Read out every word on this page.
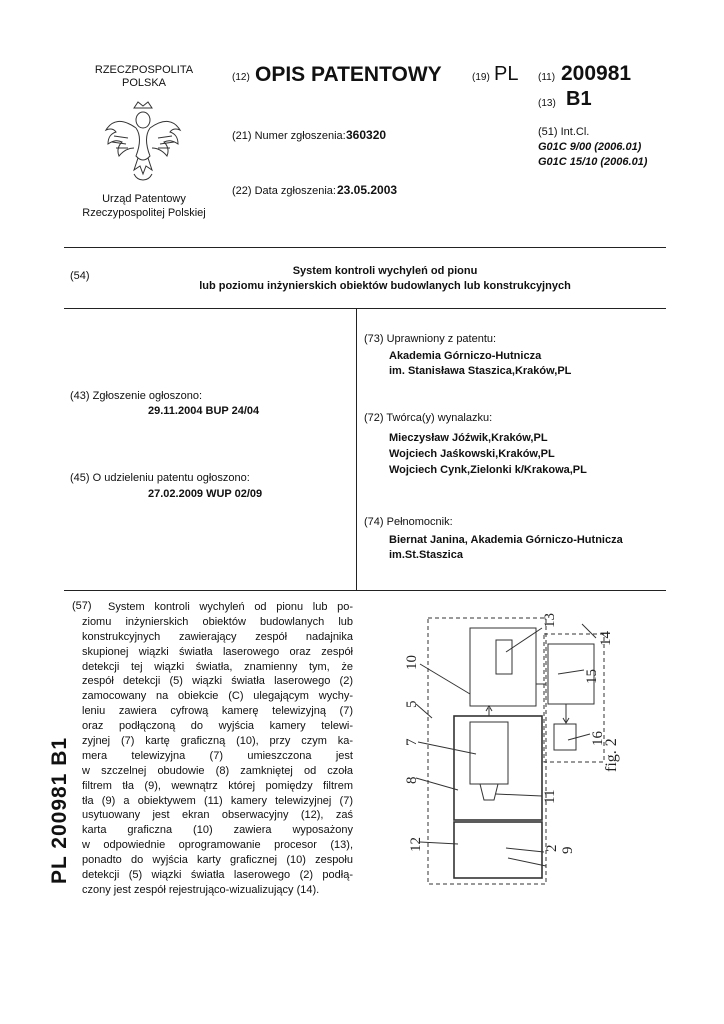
RZECZPOSPOLITA
POLSKA
Urząd Patentowy
Rzeczypospolitej Polskiej
(12) OPIS PATENTOWY	(19) PL (11) 200981
(13) B1
(21) Numer zgłoszenia: 360320	(51) Int.Cl.
G01C 9/00 (2006.01)
G01C 15/10 (2006.01)
(22) Data zgłoszenia: 23.05.2003
(54)	System kontroli wychyleń od pionu
lub poziomu inżynierskich obiektów budowlanych lub konstrukcyjnych
(43) Zgłoszenie ogłoszono:
29.11.2004 BUP 24/04
(45) O udzieleniu patentu ogłoszono:
27.02.2009 WUP 02/09
(73) Uprawniony z patentu:
Akademia Górniczo-Hutnicza
im. Stanisława Staszica,Kraków,PL
(72) Twórca(y) wynalazku:
Mieczysław Jóźwik,Kraków,PL
Wojciech Jaśkowski,Kraków,PL
Wojciech Cynk,Zielonki k/Krakowa,PL
(74) Pełnomocnik:
Biernat Janina, Akademia Górniczo-Hutnicza
im.St.Staszica
PL 200981 B1
(57)	System kontroli wychyleń od pionu lub po-
ziomu inżynierskich obiektów budowlanych lub
konstrukcyjnych zawierający zespół nadajnika
skupionej wiązki światła laserowego oraz zespół
detekcji tej wiązki światła, znamienny tym, że
zespół detekcji (5) wiązki światła laserowego (2)
zamocowany na obiekcie (C) ulegającym wychy-
leniu zawiera cyfrową kamerę telewizyjną (7)
oraz podłączoną do wyjścia kamery telewi-
zyjnej (7) kartę graficzną (10), przy czym ka-
mera telewizyjna (7) umieszczona jest
w szczelnej obudowie (8) zamkniętej od czoła
filtrem tła (9), wewnątrz której pomiędzy filtrem
tła (9) a obiektywem (11) kamery telewizyjnej (7)
usytuowany jest ekran obserwacyjny (12), zaś
karta graficzna (10) zawiera wyposażony
w odpowiednie oprogramowanie procesor (13),
ponadto do wyjścia karty graficznej (10) zespołu
detekcji (5) wiązki światła laserowego (2) podłą-
czony jest zespół rejestrująco-wizualizujący (14).
13
14
10
15
5
7	16
8
11
12	2 9
fig. 2
